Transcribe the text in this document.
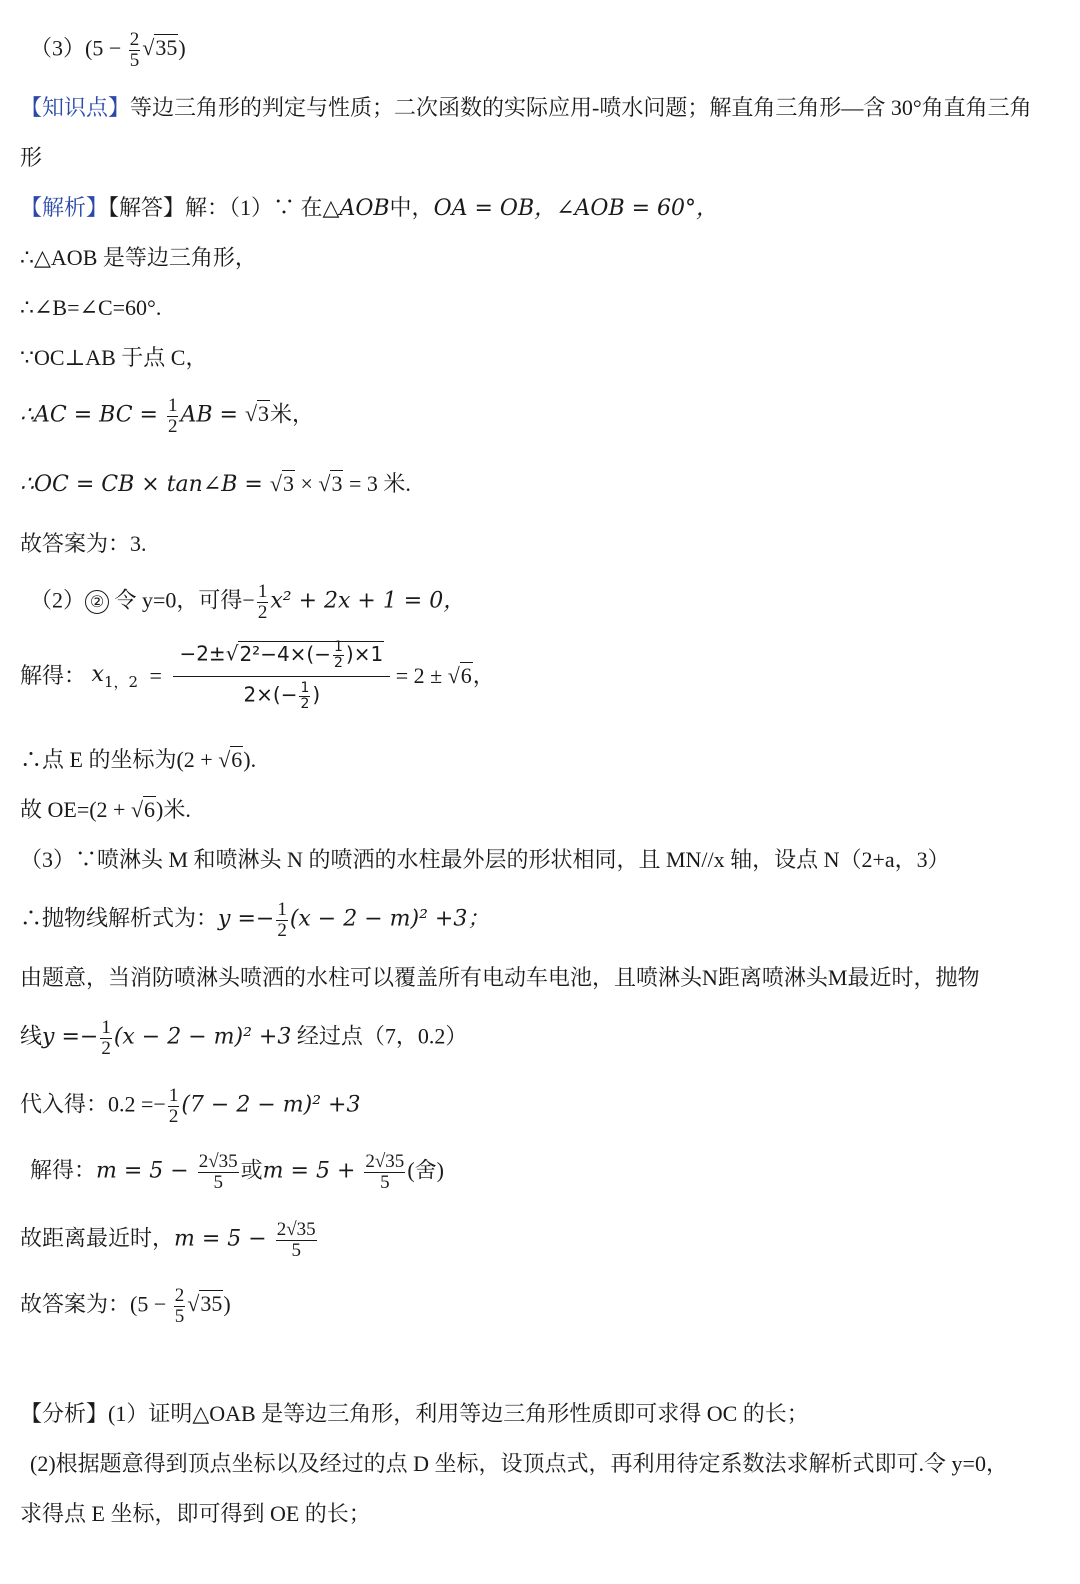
$(3)(5 - \frac{2}{5} √35)$
【知识点】等边三角形的判定与性质；二次函数的实际应用-喷水问题；解直角三角形—含 30°角直角三角
形
【解析】【解答】解：（1）∵ 在△AOB中，OA = OB，∠AOB = 60°，
∴△AOB 是等边三角形，
∴∠B=∠C=60°.
∵OC⊥AB 于点 C，
∴AC = BC = $\frac{1}{2}$ AB = √3米，
∴OC = CB × tan∠B = √3 × √3 = 3 米.
故答案为：3.
（2） ② 令 y=0，可得− $\frac{1}{2} x^2 + 2x + 1 = 0$，
解得： $x_{1,2} = \frac{-2\pm√2^2-4\times(- \frac{1}{2} )\times 1}{2\times(- \frac{1}{2} )} = 2 \pm √6$，
∴点 E 的坐标为(2 + √6).
故 OE=(2 + √6)米.
（3）∵喷淋头 M 和喷淋头 N 的喷洒的水柱最外层的形状相同，且 MN//x 轴，设点 N（2+a，3）
∴抛物线解析式为：$y =- \frac{1}{2} (x - 2 - m)^2 +3$；
由题意，当消防喷淋头喷洒的水柱可以覆盖所有电动车电池，且喷淋头N距离喷淋头M最近时，抛物
线$y =- \frac{1}{2} (x - 2 - m)^2 +3$ 经过点（7，0.2）
代入得：$0.2 =- \frac{1}{2} (7 - 2 - m)^2 +3$
解得：$m = 5 - \frac{2√35}{5}$ 或$m = 5 + \frac{2√35}{5}$ (舍)
故距离最近时，$m = 5 - \frac{2√35}{5}$
故答案为：$(5 - \frac{2}{5} √35)$
【分析】(1）证明△OAB 是等边三角形，利用等边三角形性质即可求得 OC 的长；
(2)根据题意得到顶点坐标以及经过的点 D 坐标，设顶点式，再利用待定系数法求解析式即可.令 y=0，
求得点 E 坐标，即可得到 OE 的长；
